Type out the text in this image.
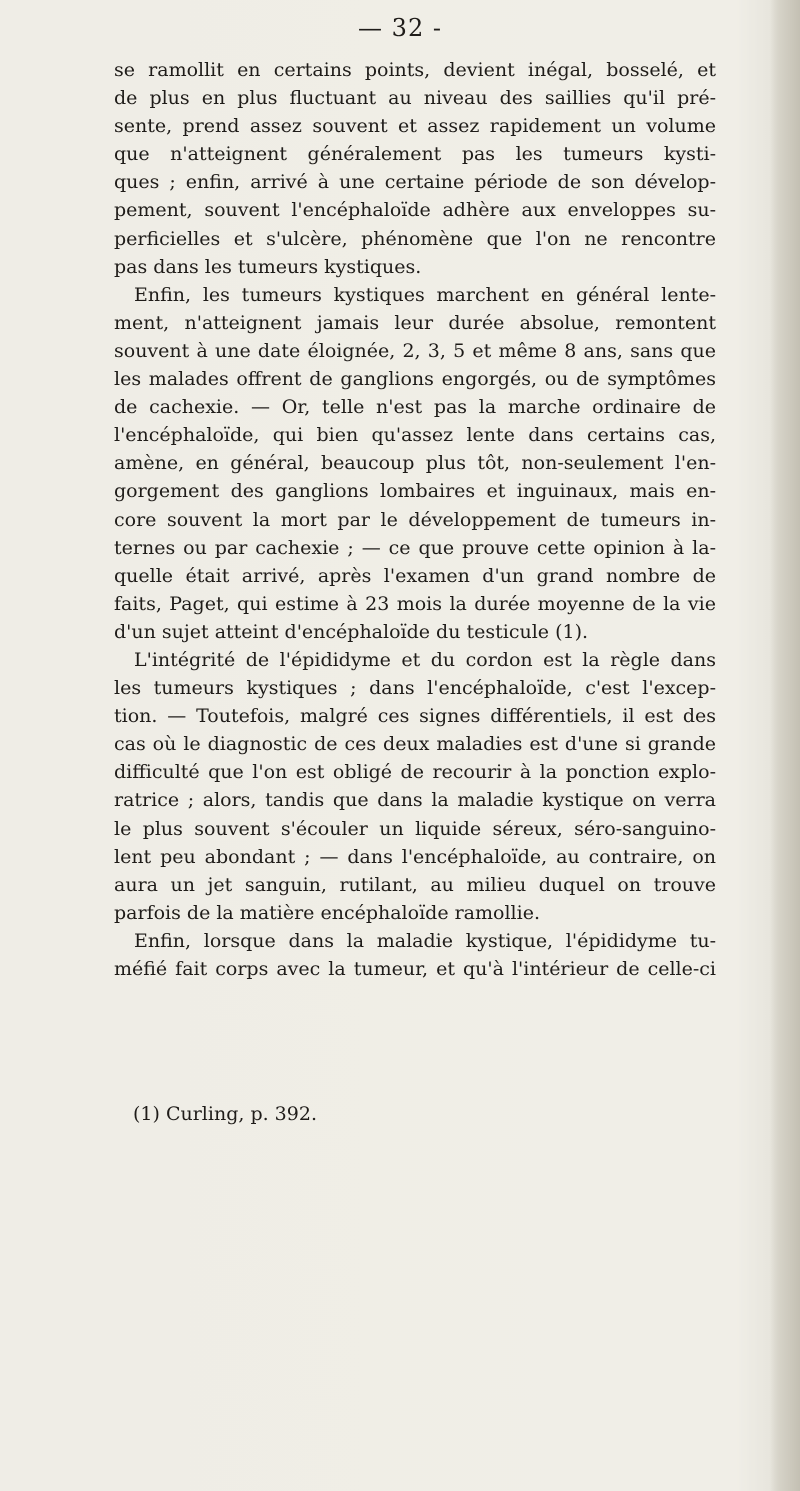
— 32 -
se ramollit en certains points, devient inégal, bosselé, et
de plus en plus fluctuant au niveau des saillies qu'il pré-
sente, prend assez souvent et assez rapidement un volume
que n'atteignent généralement pas les tumeurs kysti-
ques ; enfin, arrivé à une certaine période de son dévelop-
pement, souvent l'encéphaloïde adhère aux enveloppes su-
perficielles et s'ulcère, phénomène que l'on ne rencontre
pas dans les tumeurs kystiques.
Enfin, les tumeurs kystiques marchent en général lente-
ment, n'atteignent jamais leur durée absolue, remontent
souvent à une date éloignée, 2, 3, 5 et même 8 ans, sans que
les malades offrent de ganglions engorgés, ou de symptômes
de cachexie. — Or, telle n'est pas la marche ordinaire de
l'encéphaloïde, qui bien qu'assez lente dans certains cas,
amène, en général, beaucoup plus tôt, non-seulement l'en-
gorgement des ganglions lombaires et inguinaux, mais en-
core souvent la mort par le développement de tumeurs in-
ternes ou par cachexie ; — ce que prouve cette opinion à la-
quelle était arrivé, après l'examen d'un grand nombre de
faits, Paget, qui estime à 23 mois la durée moyenne de la vie
d'un sujet atteint d'encéphaloïde du testicule (1).
L'intégrité de l'épididyme et du cordon est la règle dans
les tumeurs kystiques ; dans l'encéphaloïde, c'est l'excep-
tion. — Toutefois, malgré ces signes différentiels, il est des
cas où le diagnostic de ces deux maladies est d'une si grande
difficulté que l'on est obligé de recourir à la ponction explo-
ratrice ; alors, tandis que dans la maladie kystique on verra
le plus souvent s'écouler un liquide séreux, séro-sanguino-
lent peu abondant ; — dans l'encéphaloïde, au contraire, on
aura un jet sanguin, rutilant, au milieu duquel on trouve
parfois de la matière encéphaloïde ramollie.
Enfin, lorsque dans la maladie kystique, l'épididyme tu-
méfié fait corps avec la tumeur, et qu'à l'intérieur de celle-ci
(1) Curling, p. 392.
